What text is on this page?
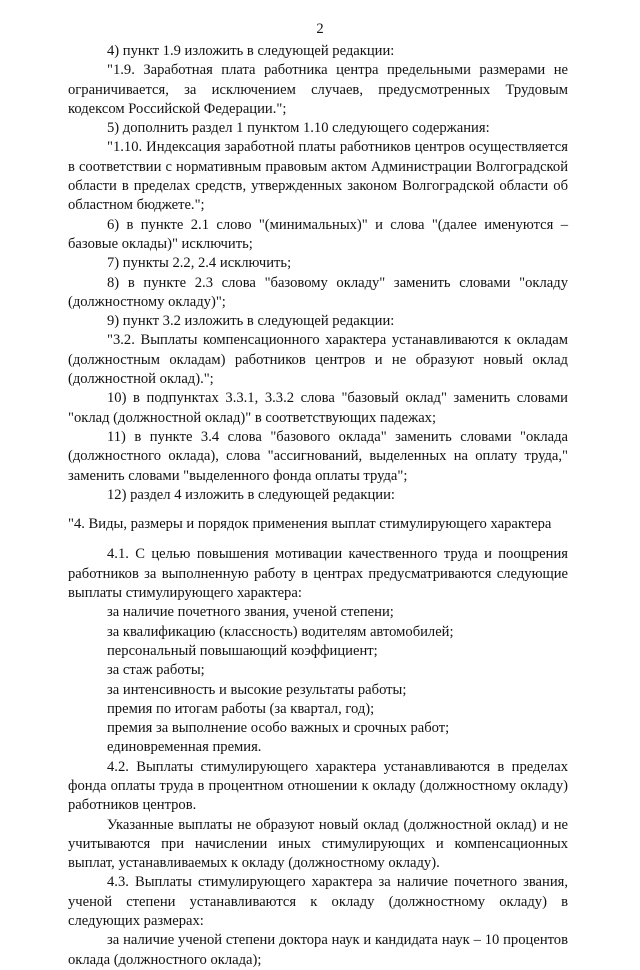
2

4) пункт 1.9 изложить в следующей редакции:

"1.9. Заработная плата работника центра предельными размерами не ограничивается, за исключением случаев, предусмотренных Трудовым кодексом Российской Федерации.";

5) дополнить раздел 1 пунктом 1.10 следующего содержания:

"1.10. Индексация заработной платы работников центров осуществляется в соответствии с нормативным правовым актом Администрации Волгоградской области в пределах средств, утвержденных законом Волгоградской области об областном бюджете.";

6) в пункте 2.1 слово "(минимальных)" и слова "(далее именуются – базовые оклады)" исключить;

7) пункты 2.2, 2.4 исключить;

8) в пункте 2.3 слова "базовому окладу" заменить словами "окладу (должностному окладу)";

9) пункт 3.2 изложить в следующей редакции:

"3.2. Выплаты компенсационного характера устанавливаются к окладам (должностным окладам) работников центров и не образуют новый оклад (должностной оклад).";

10) в подпунктах 3.3.1, 3.3.2 слова "базовый оклад" заменить словами "оклад (должностной оклад)" в соответствующих падежах;

11) в пункте 3.4 слова "базового оклада" заменить словами "оклада (должностного оклада), слова "ассигнований, выделенных на оплату труда," заменить словами "выделенного фонда оплаты труда";

12) раздел 4 изложить в следующей редакции:

"4. Виды, размеры и порядок применения выплат стимулирующего характера

4.1. С целью повышения мотивации качественного труда и поощрения работников за выполненную работу в центрах предусматриваются следующие выплаты стимулирующего характера:

за наличие почетного звания, ученой степени;

за квалификацию (классность) водителям автомобилей;

персональный повышающий коэффициент;

за стаж работы;

за интенсивность и высокие результаты работы;

премия по итогам работы (за квартал, год);

премия за выполнение особо важных и срочных работ;

единовременная премия.

4.2. Выплаты стимулирующего характера устанавливаются в пределах фонда оплаты труда в процентном отношении к окладу (должностному окладу) работников центров.

Указанные выплаты не образуют новый оклад (должностной оклад) и не учитываются при начислении иных стимулирующих и компенсационных выплат, устанавливаемых к окладу (должностному окладу).

4.3. Выплаты стимулирующего характера за наличие почетного звания, ученой степени устанавливаются к окладу (должностному окладу) в следующих размерах:

за наличие ученой степени доктора наук и кандидата наук – 10 процентов оклада (должностного оклада);
